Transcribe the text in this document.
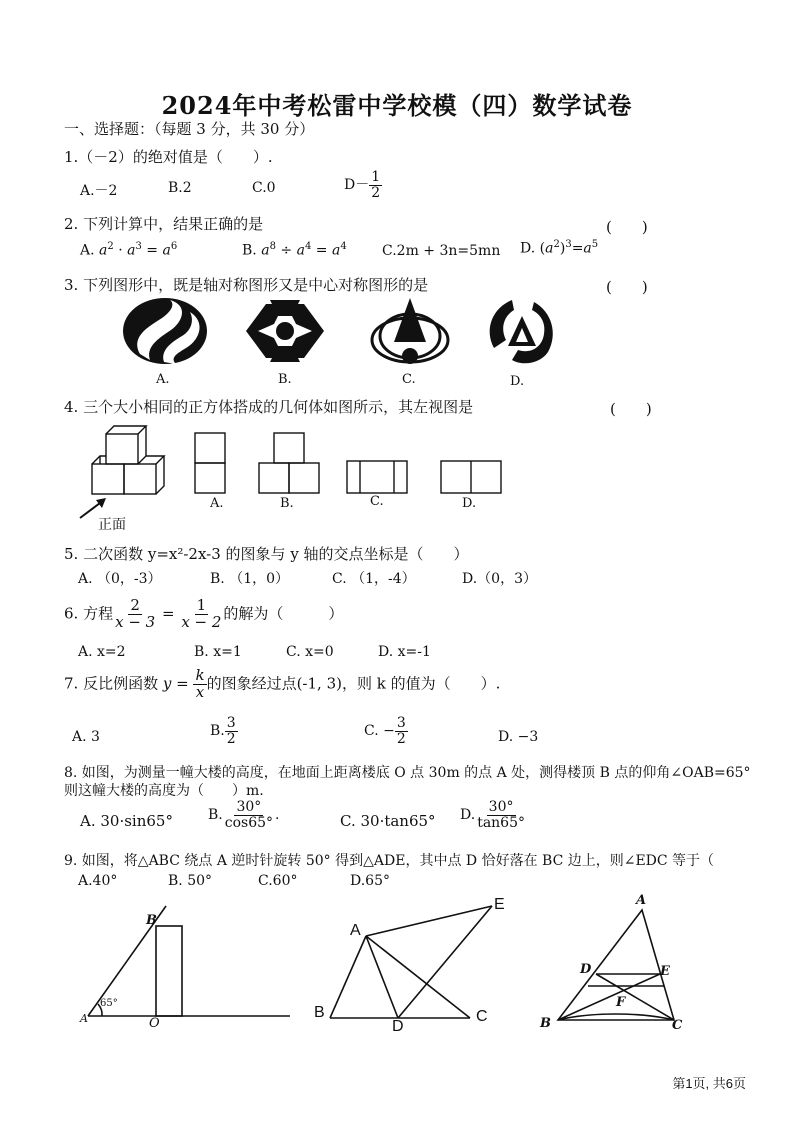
2024年中考松雷中学校模（四）数学试卷
一、选择题：（每题 3 分，共 30 分）
1.（－2）的绝对值是（　　）.
A.－2	B.2	C.0	$D- \frac{1}{2}$
2. 下列计算中，结果正确的是	(　　)
A. $a^2 \cdot a^3 = a^6$	B. $a^8 \div a^4 = a^4$	C.2m + 3n=5mn D. $(a^2)^3=a^5$
3. 下列图形中，既是轴对称图形又是中心对称图形的是	(　　)
A.	B.	C.	D.
4. 三个大小相同的正方体搭成的几何体如图所示，其左视图是	(　　)
正面
A.	B.	C.	D.
5. 二次函数 y=x²-2x-3 的图象与 y 轴的交点坐标是（　　）
A. （0，-3）	B. （1，0）	C. （1，-4）	D.（0，3）
6. 方程 $\frac{2}{x - 3} = \frac{1}{x - 2}$ 的解为（　　　）
A. x=2	B. x=1	C. x=0	D. x=-1
7. 反比例函数 $y = \frac{k}{x}$ 的图象经过点(-1, 3)，则 k 的值为（　　）.
A. 3	B. $\frac{3}{2}$	C. − $\frac{3}{2}$	D. −3
8. 如图，为测量一幢大楼的高度，在地面上距离楼底 O 点 30m 的点 A 处，测得楼顶 B 点的仰角∠OAB=65°
则这幢大楼的高度为（　　）m.
A. 30·sin65°	B. $\frac{30^\circ}{\cos 65^\circ}$ .	C. 30·tan65° D. $\frac{30^\circ}{\tan 65^\circ}$
9. 如图，将△ABC 绕点 A 逆时针旋转 50° 得到△ADE，其中点 D 恰好落在 BC 边上，则∠EDC 等于（
A.40°	B. 50°	C.60°	D.65°
B
A	O
65°
A
B	C
D
E	A
B	C
D	E
F
第1页, 共6页
